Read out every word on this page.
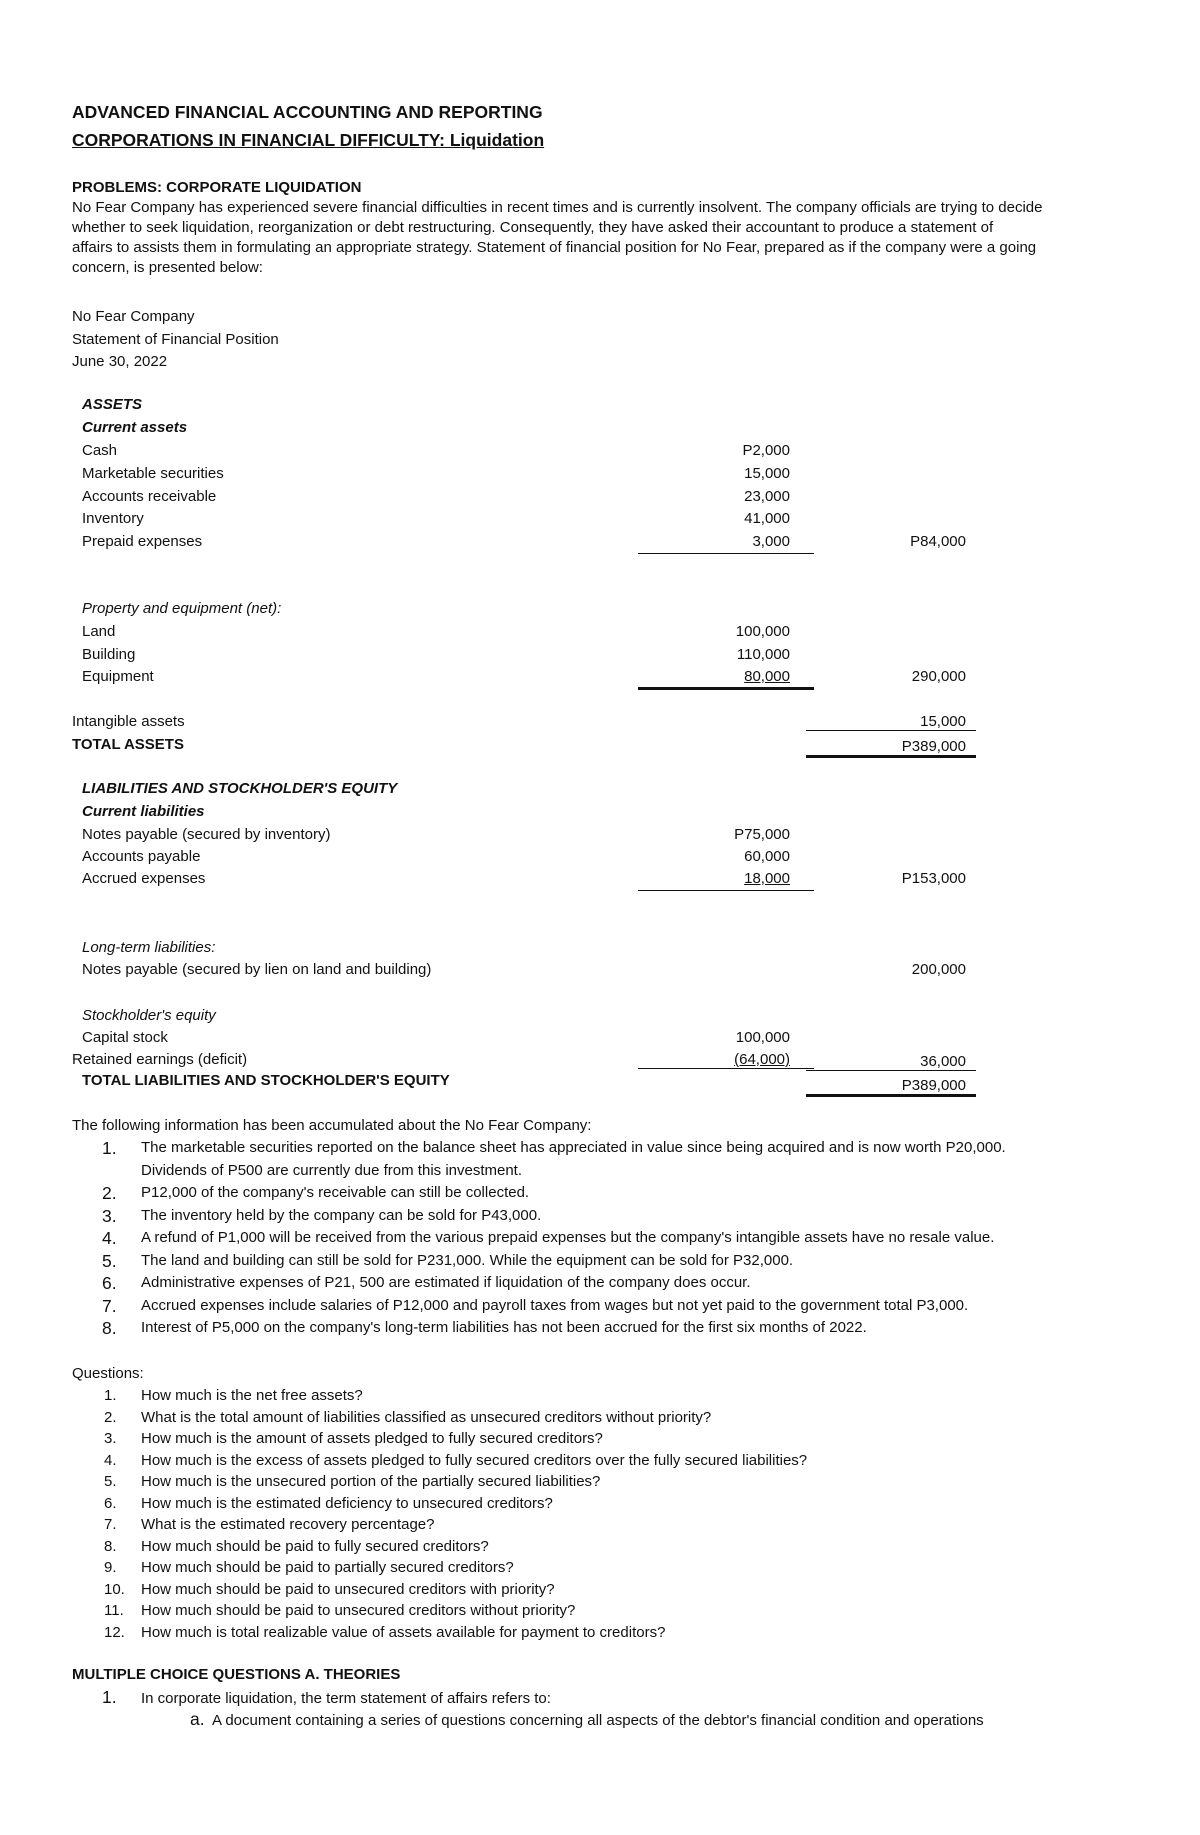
ADVANCED FINANCIAL ACCOUNTING AND REPORTING
CORPORATIONS IN FINANCIAL DIFFICULTY: Liquidation
PROBLEMS: CORPORATE LIQUIDATION
No Fear Company has experienced severe financial difficulties in recent times and is currently insolvent. The company officials are trying to decide
whether to seek liquidation, reorganization or debt restructuring. Consequently, they have asked their accountant to produce a statement of
affairs to assists them in formulating an appropriate strategy. Statement of financial position for No Fear, prepared as if the company were a going
concern, is presented below:
No Fear Company
Statement of Financial Position
June 30, 2022
ASSETS
Current assets
Cash	P2,000
Marketable securities	15,000
Accounts receivable	23,000
Inventory	41,000
Prepaid expenses	3,000	P84,000
Property and equipment (net):
Land	100,000
Building	110,000
Equipment	80,000	290,000
Intangible assets	15,000
TOTAL ASSETS	P389,000
LIABILITIES AND STOCKHOLDER'S EQUITY
Current liabilities
Notes payable (secured by inventory)	P75,000
Accounts payable	60,000
Accrued expenses	18,000	P153,000
Long-term liabilities:
Notes payable (secured by lien on land and building)	200,000
Stockholder's equity
Capital stock	100,000
Retained earnings (deficit)	(64,000)	36,000
TOTAL LIABILITIES AND STOCKHOLDER'S EQUITY	P389,000
The following information has been accumulated about the No Fear Company:
1.	The marketable securities reported on the balance sheet has appreciated in value since being acquired and is now worth P20,000.
Dividends of P500 are currently due from this investment.
2.	P12,000 of the company's receivable can still be collected.
3.	The inventory held by the company can be sold for P43,000.
4.	A refund of P1,000 will be received from the various prepaid expenses but the company's intangible assets have no resale value.
5.	The land and building can still be sold for P231,000. While the equipment can be sold for P32,000.
6.	Administrative expenses of P21, 500 are estimated if liquidation of the company does occur.
7.	Accrued expenses include salaries of P12,000 and payroll taxes from wages but not yet paid to the government total P3,000.
8.	Interest of P5,000 on the company's long-term liabilities has not been accrued for the first six months of 2022.
Questions:
1.	How much is the net free assets?
2.	What is the total amount of liabilities classified as unsecured creditors without priority?
3.	How much is the amount of assets pledged to fully secured creditors?
4.	How much is the excess of assets pledged to fully secured creditors over the fully secured liabilities?
5.	How much is the unsecured portion of the partially secured liabilities?
6.	How much is the estimated deficiency to unsecured creditors?
7.	What is the estimated recovery percentage?
8.	How much should be paid to fully secured creditors?
9.	How much should be paid to partially secured creditors?
10.	How much should be paid to unsecured creditors with priority?
11.	How much should be paid to unsecured creditors without priority?
12.	How much is total realizable value of assets available for payment to creditors?
MULTIPLE CHOICE QUESTIONS A. THEORIES
1. In corporate liquidation, the term statement of affairs refers to:
a. A document containing a series of questions concerning all aspects of the debtor's financial condition and operations
